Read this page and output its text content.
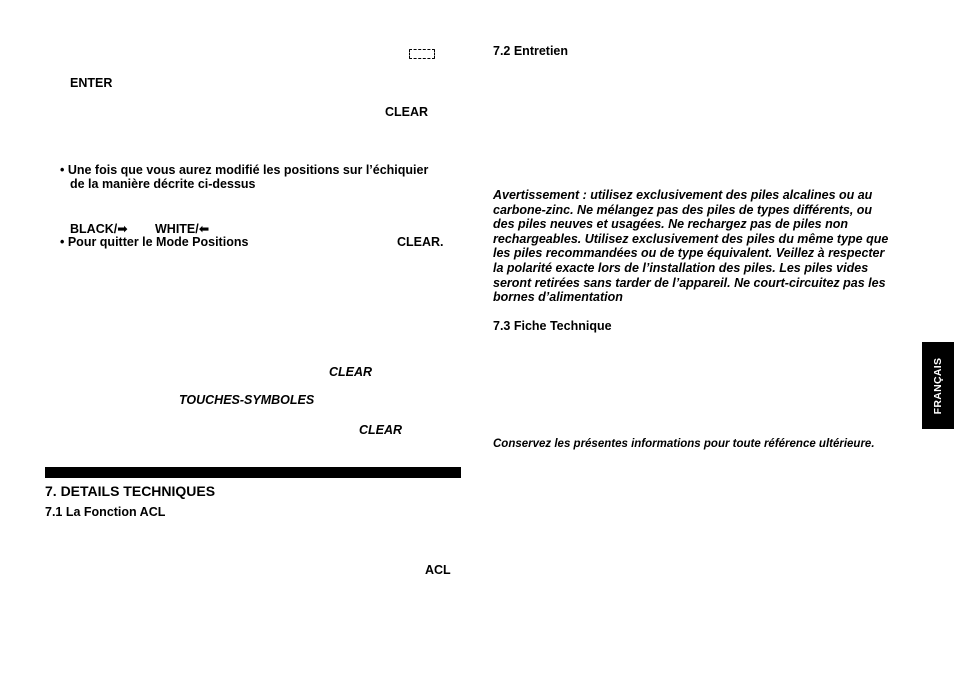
ENTER
CLEAR
• Une fois que vous aurez modifié les positions sur l’échiquier
de la manière décrite ci-dessus
BLACK/➡ WHITE/⬅
• Pour quitter le Mode Positions	CLEAR.
CLEAR
TOUCHES-SYMBOLES
CLEAR
7. DETAILS TECHNIQUES
7.1 La Fonction ACL
ACL
7.2 Entretien
Avertissement : utilisez exclusivement des piles alcalines ou au
carbone-zinc. Ne mélangez pas des piles de types différents, ou
des piles neuves et usagées. Ne rechargez pas de piles non
rechargeables. Utilisez exclusivement des piles du même type que
les piles recommandées ou de type équivalent. Veillez à respecter
la polarité exacte lors de l’installation des piles. Les piles vides
seront retirées sans tarder de l’appareil. Ne court-circuitez pas les
bornes d’alimentation
7.3 Fiche Technique
Conservez les présentes informations pour toute référence ultérieure.
FRANÇAIS
